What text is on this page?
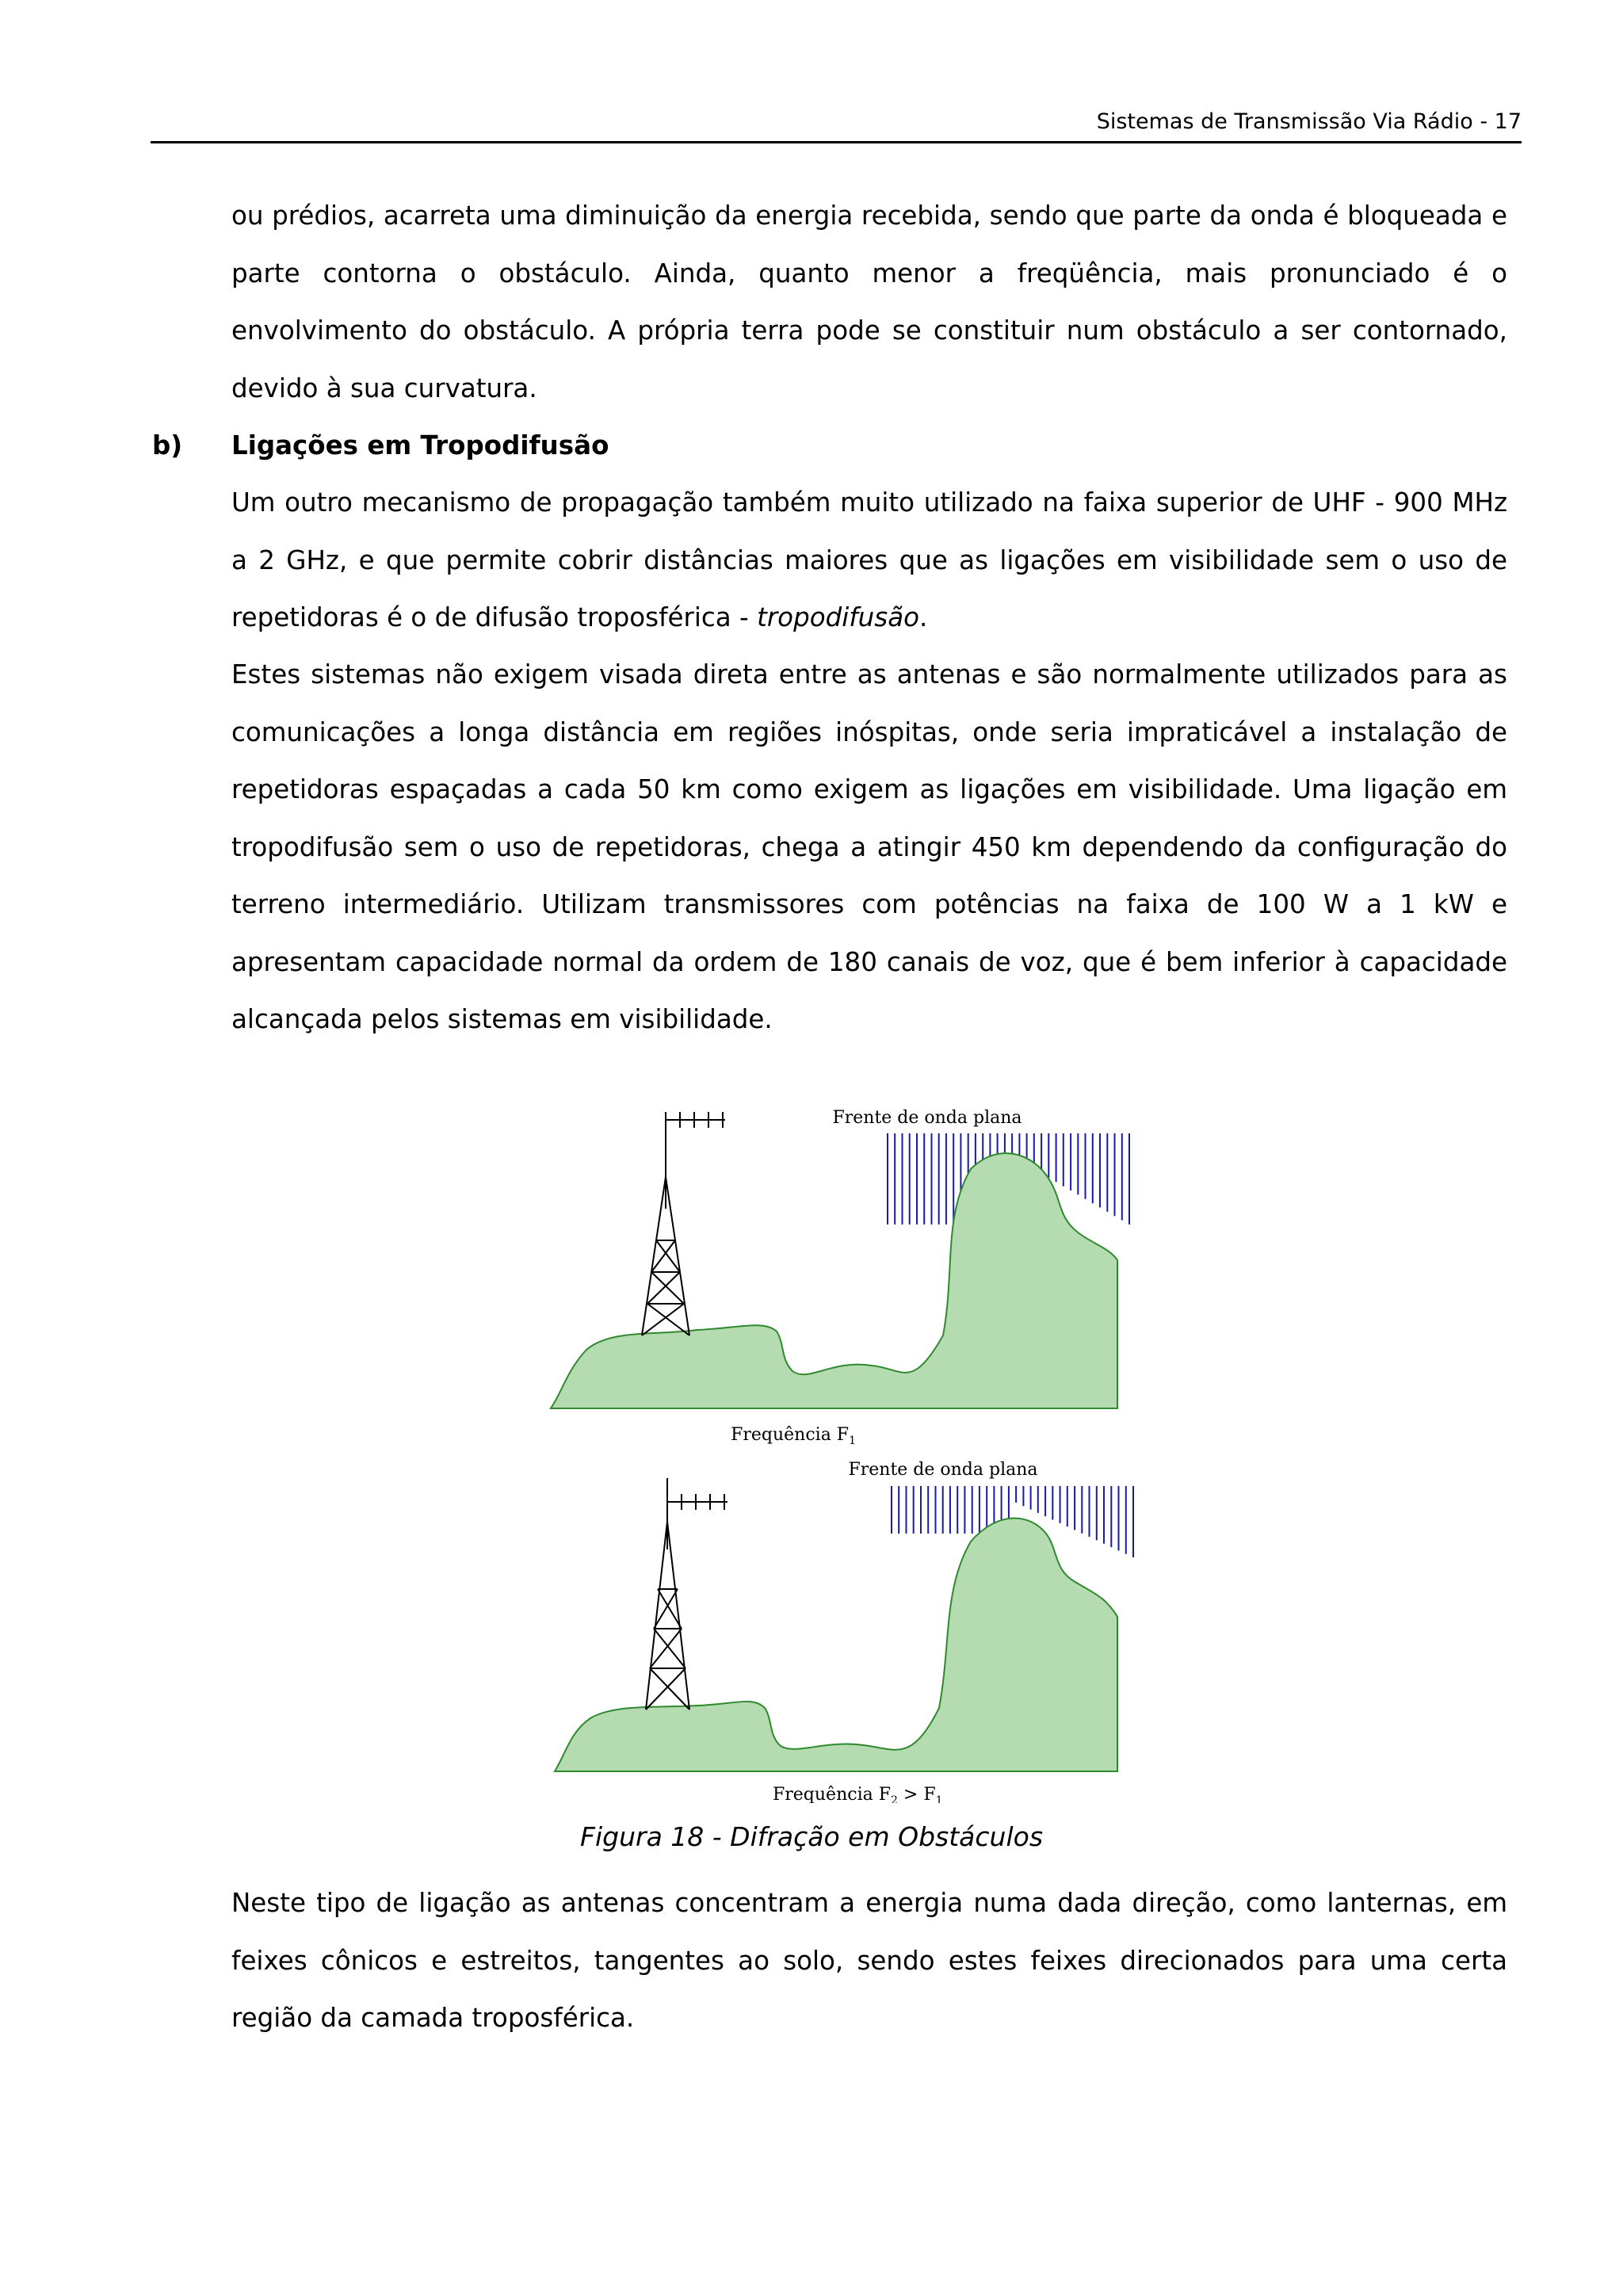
Sistemas de Transmissão Via Rádio - 17

ou prédios, acarreta uma diminuição da energia recebida, sendo que parte da onda é bloqueada e parte contorna o obstáculo. Ainda, quanto menor a freqüência, mais pronunciado é o envolvimento do obstáculo. A própria terra pode se constituir num obstáculo a ser contornado, devido à sua curvatura.

b) Ligações em Tropodifusão

Um outro mecanismo de propagação também muito utilizado na faixa superior de UHF - 900 MHz a 2 GHz, e que permite cobrir distâncias maiores que as ligações em visibilidade sem o uso de repetidoras é o de difusão troposférica - tropodifusão.

Estes sistemas não exigem visada direta entre as antenas e são normalmente utilizados para as comunicações a longa distância em regiões inóspitas, onde seria impraticável a instalação de repetidoras espaçadas a cada 50 km como exigem as ligações em visibilidade. Uma ligação em tropodifusão sem o uso de repetidoras, chega a atingir 450 km dependendo da configuração do terreno intermediário. Utilizam transmissores com potências na faixa de 100 W a 1 kW e apresentam capacidade normal da ordem de 180 canais de voz, que é bem inferior à capacidade alcançada pelos sistemas em visibilidade.

Frente de onda plana
Frequência $F_1$
Frente de onda plana
Frequência $F_2 > F_1$
Figura 18 - Difração em Obstáculos

Neste tipo de ligação as antenas concentram a energia numa dada direção, como lanternas, em feixes cônicos e estreitos, tangentes ao solo, sendo estes feixes direcionados para uma certa região da camada troposférica.
